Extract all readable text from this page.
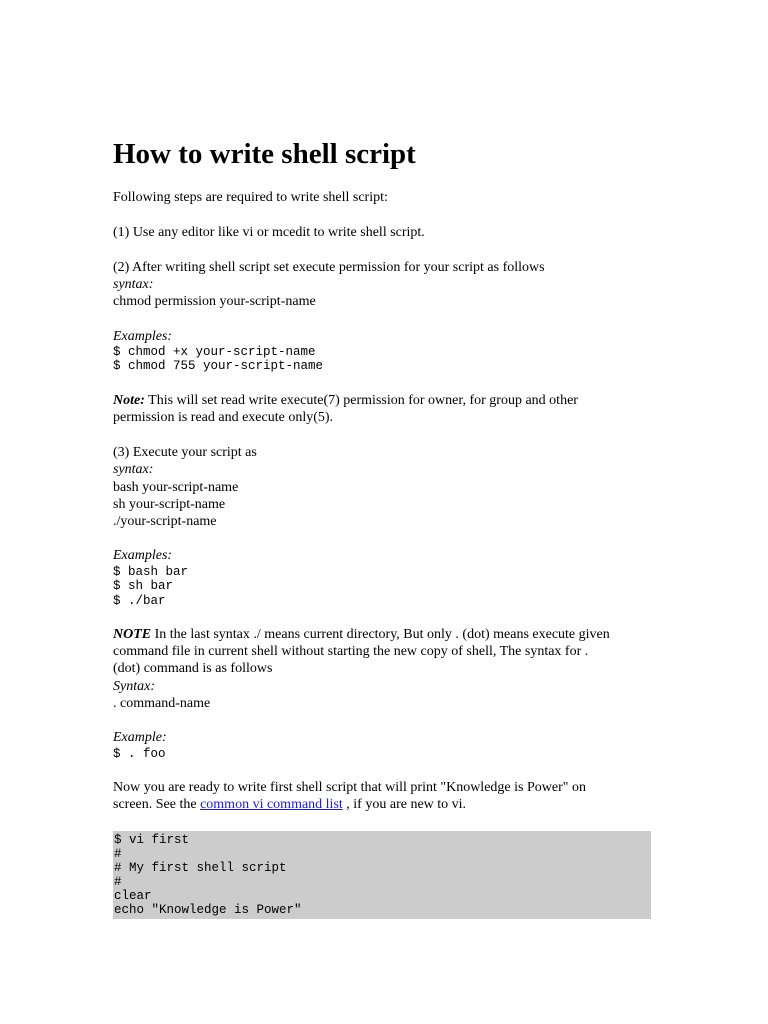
How to write shell script
Following steps are required to write shell script:
(1) Use any editor like vi or mcedit to write shell script.
(2) After writing shell script set execute permission for your script as follows
syntax:
chmod permission your-script-name
Examples:
$ chmod +x your-script-name
$ chmod 755 your-script-name
Note: This will set read write execute(7) permission for owner, for group and other
permission is read and execute only(5).
(3) Execute your script as
syntax:
bash your-script-name
sh your-script-name
./your-script-name
Examples:
$ bash bar
$ sh bar
$ ./bar
NOTE In the last syntax ./ means current directory, But only . (dot) means execute given
command file in current shell without starting the new copy of shell, The syntax for .
(dot) command is as follows
Syntax:
. command-name
Example:
$ . foo
Now you are ready to write first shell script that will print "Knowledge is Power" on
screen. See the common vi command list , if you are new to vi.
$ vi first
#
# My first shell script
#
clear
echo "Knowledge is Power"
